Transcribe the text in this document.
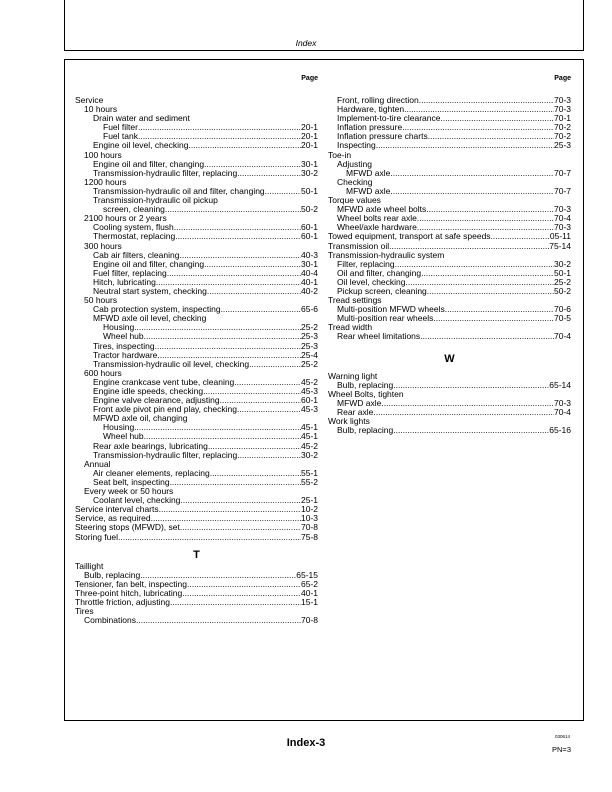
Index
Page
Service
10 hours
Drain water and sediment
Fuel filter .....	20-1
Fuel tank .....	20-1
Engine oil level, checking .....	20-1
100 hours
Engine oil and filter, changing .....	30-1
Transmission-hydraulic filter, replacing .....	30-2
1200 hours
Transmission-hydraulic oil and filter, changing .....	50-1
Transmission-hydraulic oil pickup
screen, cleaning .....	50-2
2100 hours or 2 years
Cooling system, flush .....	60-1
Thermostat, replacing .....	60-1
300 hours
Cab air filters, cleaning .....	40-3
Engine oil and filter, changing .....	30-1
Fuel filter, replacing .....	40-4
Hitch, lubricating .....	40-1
Neutral start system, checking .....	40-2
50 hours
Cab protection system, inspecting .....	65-6
MFWD axle oil level, checking
Housing .....	25-2
Wheel hub .....	25-3
Tires, inspecting .....	25-3
Tractor hardware .....	25-4
Transmission-hydraulic oil level, checking .....	25-2
600 hours
Engine crankcase vent tube, cleaning .....	45-2
Engine idle speeds, checking .....	45-3
Engine valve clearance, adjusting .....	60-1
Front axle pivot pin end play, checking .....	45-3
MFWD axle oil, changing
Housing .....	45-1
Wheel hub .....	45-1
Rear axle bearings, lubricating .....	45-2
Transmission-hydraulic filter, replacing .....	30-2
Annual
Air cleaner elements, replacing .....	55-1
Seat belt, inspecting .....	55-2
Every week or 50 hours
Coolant level, checking .....	25-1
Service interval charts .....	10-2
Service, as required .....	10-3
Steering stops (MFWD), set .....	70-8
Storing fuel .....	75-8
T
Taillight
Bulb, replacing .....	65-15
Tensioner, fan belt, inspecting .....	65-2
Three-point hitch, lubricating .....	40-1
Throttle friction, adjusting .....	15-1
Tires
Combinations .....	70-8
Page
Front, rolling direction .....	70-3
Hardware, tighten .....	70-3
Implement-to-tire clearance .....	70-1
Inflation pressure .....	70-2
Inflation pressure charts .....	70-2
Inspecting .....	25-3
Toe-in
Adjusting
MFWD axle .....	70-7
Checking
MFWD axle .....	70-7
Torque values
MFWD axle wheel bolts .....	70-3
Wheel bolts rear axle .....	70-4
Wheel/axle hardware .....	70-3
Towed equipment, transport at safe speeds .....	05-11
Transmission oil .....	75-14
Transmission-hydraulic system
Filter, replacing .....	30-2
Oil and filter, changing .....	50-1
Oil level, checking .....	25-2
Pickup screen, cleaning .....	50-2
Tread settings
Multi-position MFWD wheels .....	70-6
Multi-position rear wheels .....	70-5
Tread width
Rear wheel limitations .....	70-4
W
Warning light
Bulb, replacing .....	65-14
Wheel Bolts, tighten
MFWD axle .....	70-3
Rear axle .....	70-4
Work lights
Bulb, replacing .....	65-16
Index-3
030614
PN=3
